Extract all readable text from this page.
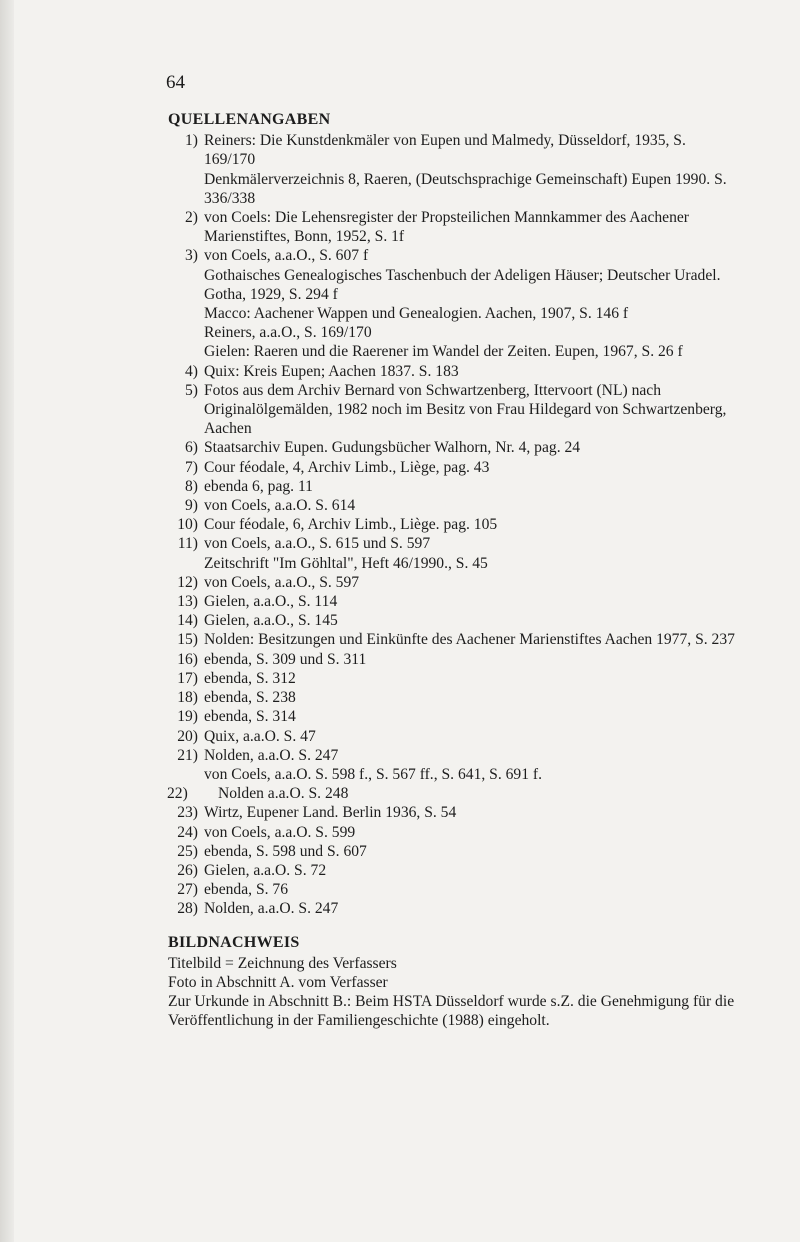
64
QUELLENANGABEN
1) Reiners: Die Kunstdenkmäler von Eupen und Malmedy, Düsseldorf, 1935, S. 169/170
Denkmälerverzeichnis 8, Raeren, (Deutschsprachige Gemeinschaft) Eupen 1990. S. 336/338
2) von Coels: Die Lehensregister der Propsteilichen Mannkammer des Aachener Marienstiftes, Bonn, 1952, S. 1f
3) von Coels, a.a.O., S. 607 f
Gothaisches Genealogisches Taschenbuch der Adeligen Häuser; Deutscher Uradel. Gotha, 1929, S. 294 f
Macco: Aachener Wappen und Genealogien. Aachen, 1907, S. 146 f
Reiners, a.a.O., S. 169/170
Gielen: Raeren und die Raerener im Wandel der Zeiten. Eupen, 1967, S. 26 f
4) Quix: Kreis Eupen; Aachen 1837. S. 183
5) Fotos aus dem Archiv Bernard von Schwartzenberg, Ittervoort (NL) nach Originalölgemälden, 1982 noch im Besitz von Frau Hildegard von Schwartzenberg, Aachen
6) Staatsarchiv Eupen. Gudungsbücher Walhorn, Nr. 4, pag. 24
7) Cour féodale, 4, Archiv Limb., Liège, pag. 43
8) ebenda 6, pag. 11
9) von Coels, a.a.O. S. 614
10) Cour féodale, 6, Archiv Limb., Liège. pag. 105
11) von Coels, a.a.O., S. 615 und S. 597
Zeitschrift "Im Göhltal", Heft 46/1990., S. 45
12) von Coels, a.a.O., S. 597
13) Gielen, a.a.O., S. 114
14) Gielen, a.a.O., S. 145
15) Nolden: Besitzungen und Einkünfte des Aachener Marienstiftes Aachen 1977, S. 237
16) ebenda, S. 309 und S. 311
17) ebenda, S. 312
18) ebenda, S. 238
19) ebenda, S. 314
20) Quix, a.a.O. S. 47
21) Nolden, a.a.O. S. 247
von Coels, a.a.O. S. 598 f., S. 567 ff., S. 641, S. 691 f.
22)	Nolden a.a.O. S. 248
23) Wirtz, Eupener Land. Berlin 1936, S. 54
24) von Coels, a.a.O. S. 599
25) ebenda, S. 598 und S. 607
26) Gielen, a.a.O. S. 72
27) ebenda, S. 76
28) Nolden, a.a.O. S. 247
BILDNACHWEIS
Titelbild = Zeichnung des Verfassers
Foto in Abschnitt A. vom Verfasser
Zur Urkunde in Abschnitt B.: Beim HSTA Düsseldorf wurde s.Z. die Genehmigung für die Veröffentlichung in der Familiengeschichte (1988) eingeholt.
